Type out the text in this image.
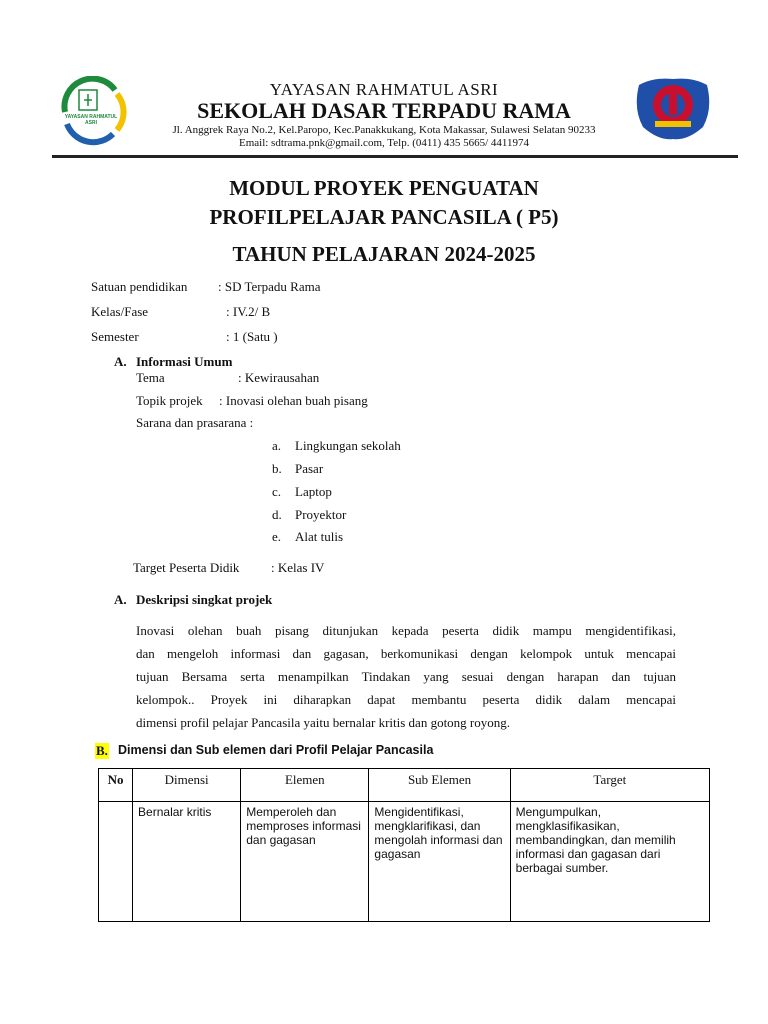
YAYASAN RAHMATUL ASRI
YAYASAN RAHMATUL ASRI
SEKOLAH DASAR TERPADU RAMA
Jl. Anggrek Raya No.2, Kel.Paropo, Kec.Panakkukang, Kota Makassar, Sulawesi Selatan 90233
Email: sdtrama.pnk@gmail.com, Telp. (0411) 435 5665/ 4411974
MODUL PROYEK PENGUATAN
PROFILPELAJAR PANCASILA ( P5)
TAHUN PELAJARAN 2024-2025
Satuan pendidikan : SD Terpadu Rama
Kelas/Fase	: IV.2/ B
Semester	: 1 (Satu )
A. Informasi Umum
Tema	: Kewirausahan
Topik projek : Inovasi olehan buah pisang
Sarana dan prasarana :
a. Lingkungan sekolah
b. Pasar
c. Laptop
d. Proyektor
e. Alat tulis
Target Peserta Didik : Kelas IV
A. Deskripsi singkat projek
Inovasi olehan buah pisang ditunjukan kepada peserta didik mampu mengidentifikasi,
dan mengeloh informasi dan gagasan, berkomunikasi dengan kelompok untuk mencapai
tujuan Bersama serta menampilkan Tindakan yang sesuai dengan harapan dan tujuan
kelompok.. Proyek ini diharapkan dapat membantu peserta didik dalam mencapai
dimensi profil pelajar Pancasila yaitu bernalar kritis dan gotong royong.
B. Dimensi dan Sub elemen dari Profil Pelajar Pancasila
No	Dimensi	Elemen	Sub Elemen	Target
	Bernalar kritis	Memperoleh dan memproses informasi dan gagasan	Mengidentifikasi, mengklarifikasi, dan mengolah informasi dan gagasan	Mengumpulkan, mengklasifikasikan, membandingkan, dan memilih informasi dan gagasan dari berbagai sumber.
